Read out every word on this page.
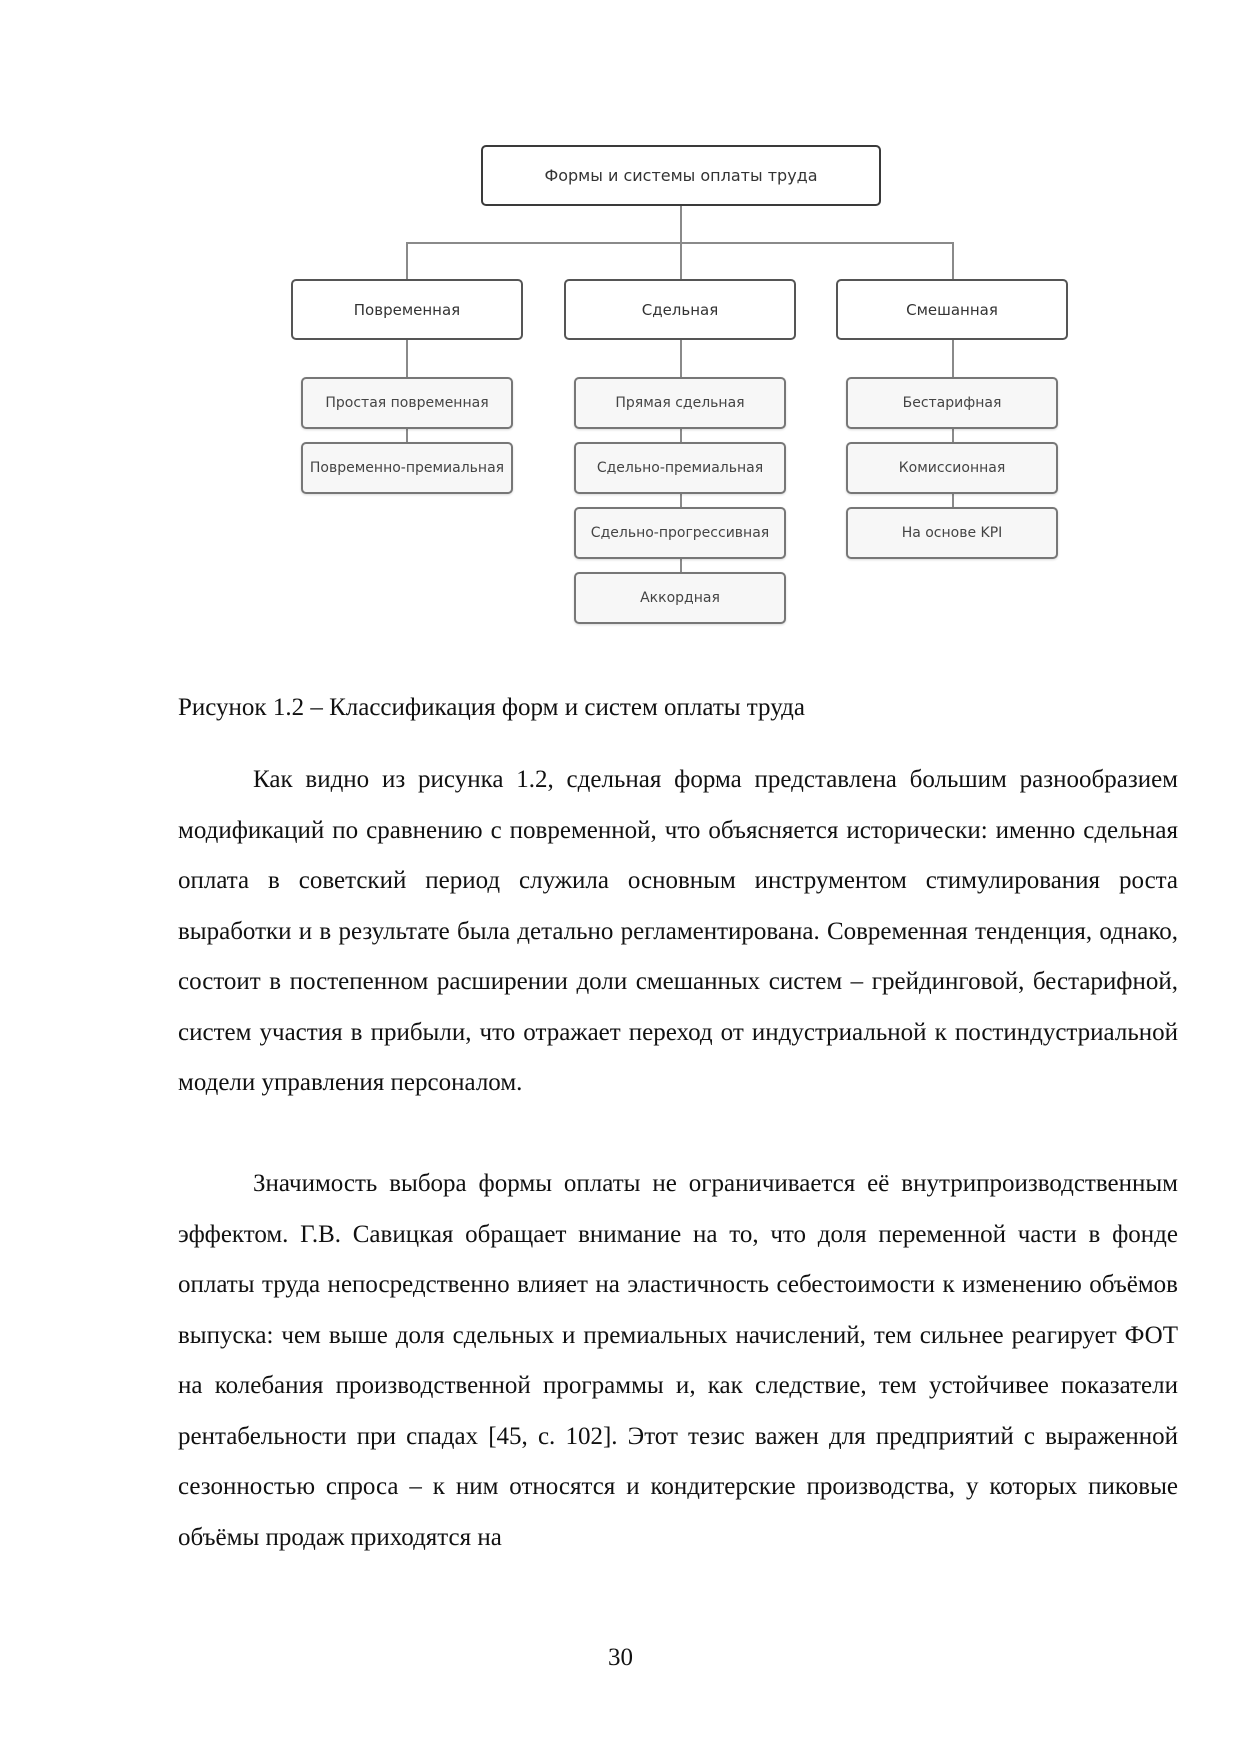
Формы и системы оплаты труда
Повременная	Сдельная	Смешанная
Простая повременная
Повременно-премиальная
Прямая сдельная
Сдельно-премиальная
Сдельно-прогрессивная
Аккордная
Бестарифная
Комиссионная
На основе KPI
Рисунок 1.2 – Классификация форм и систем оплаты труда

Как видно из рисунка 1.2, сдельная форма представлена большим разнообразием модификаций по сравнению с повременной, что объясняется исторически: именно сдельная оплата в советский период служила основным инструментом стимулирования роста выработки и в результате была детально регламентирована. Современная тенденция, однако, состоит в постепенном расширении доли смешанных систем – грейдинговой, бестарифной, систем участия в прибыли, что отражает переход от индустриальной к постиндустриальной модели управления персоналом.

Значимость выбора формы оплаты не ограничивается её внутрипроизводственным эффектом. Г.В. Савицкая обращает внимание на то, что доля переменной части в фонде оплаты труда непосредственно влияет на эластичность себестоимости к изменению объёмов выпуска: чем выше доля сдельных и премиальных начислений, тем сильнее реагирует ФОТ на колебания производственной программы и, как следствие, тем устойчивее показатели рентабельности при спадах [45, с. 102]. Этот тезис важен для предприятий с выраженной сезонностью спроса – к ним относятся и кондитерские производства, у которых пиковые объёмы продаж приходятся на

30
